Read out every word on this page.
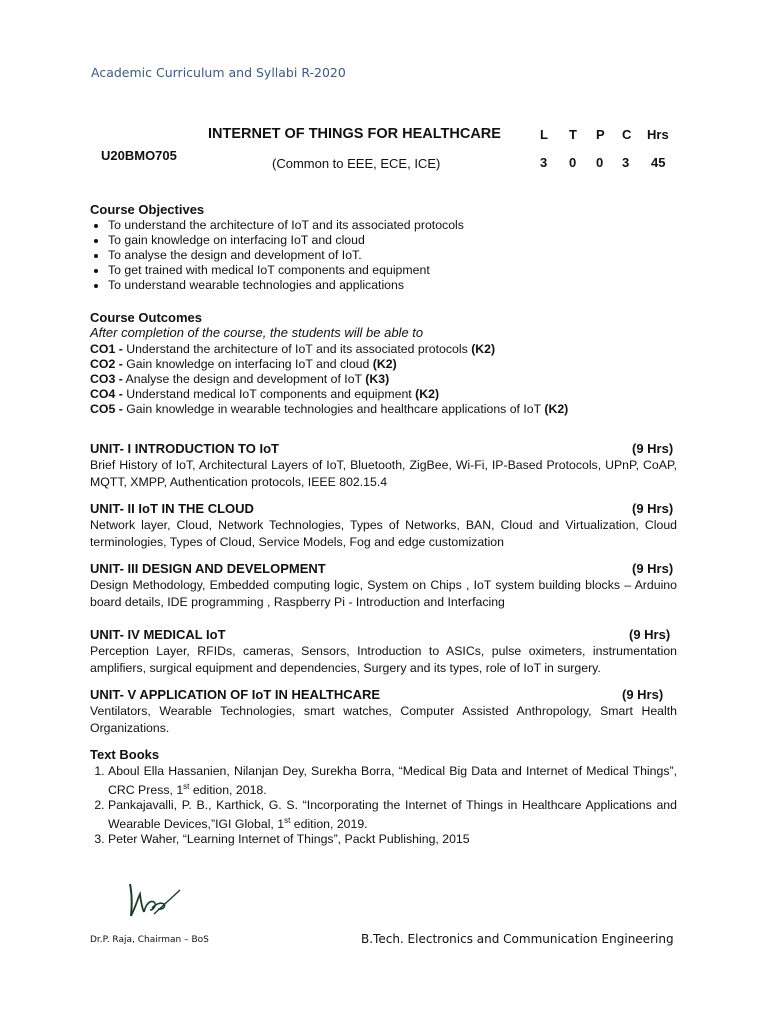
Academic Curriculum and Syllabi R-2020
U20BMO705
INTERNET OF THINGS FOR HEALTHCARE
(Common to EEE, ECE, ICE)
L T P C Hrs
3 0 0 3 45
Course Objectives
• To understand the architecture of IoT and its associated protocols
• To gain knowledge on interfacing IoT and cloud
• To analyse the design and development of IoT.
• To get trained with medical IoT components and equipment
• To understand wearable technologies and applications
Course Outcomes
After completion of the course, the students will be able to
CO1 - Understand the architecture of IoT and its associated protocols (K2)
CO2 - Gain knowledge on interfacing IoT and cloud (K2)
CO3 - Analyse the design and development of IoT (K3)
CO4 - Understand medical IoT components and equipment (K2)
CO5 - Gain knowledge in wearable technologies and healthcare applications of IoT (K2)
UNIT- I INTRODUCTION TO IoT	(9 Hrs)
Brief History of IoT, Architectural Layers of IoT, Bluetooth, ZigBee, Wi-Fi, IP-Based Protocols, UPnP, CoAP, MQTT, XMPP, Authentication protocols, IEEE 802.15.4
UNIT- II IoT IN THE CLOUD	(9 Hrs)
Network layer, Cloud, Network Technologies, Types of Networks, BAN, Cloud and Virtualization, Cloud terminologies, Types of Cloud, Service Models, Fog and edge customization
UNIT- III DESIGN AND DEVELOPMENT	(9 Hrs)
Design Methodology, Embedded computing logic, System on Chips , IoT system building blocks – Arduino board details, IDE programming , Raspberry Pi - Introduction and Interfacing
UNIT- IV MEDICAL IoT	(9 Hrs)
Perception Layer, RFIDs, cameras, Sensors, Introduction to ASICs, pulse oximeters, instrumentation amplifiers, surgical equipment and dependencies, Surgery and its types, role of IoT in surgery.
UNIT- V APPLICATION OF IoT IN HEALTHCARE	(9 Hrs)
Ventilators, Wearable Technologies, smart watches, Computer Assisted Anthropology, Smart Health Organizations.
Text Books
1. Aboul Ella Hassanien, Nilanjan Dey, Surekha Borra, “Medical Big Data and Internet of Medical Things”, CRC Press, 1st edition, 2018.
2. Pankajavalli, P. B., Karthick, G. S. “Incorporating the Internet of Things in Healthcare Applications and Wearable Devices,”IGI Global, 1st edition, 2019.
3. Peter Waher, “Learning Internet of Things”, Packt Publishing, 2015
Dr.P. Raja, Chairman – BoS	B.Tech. Electronics and Communication Engineering
